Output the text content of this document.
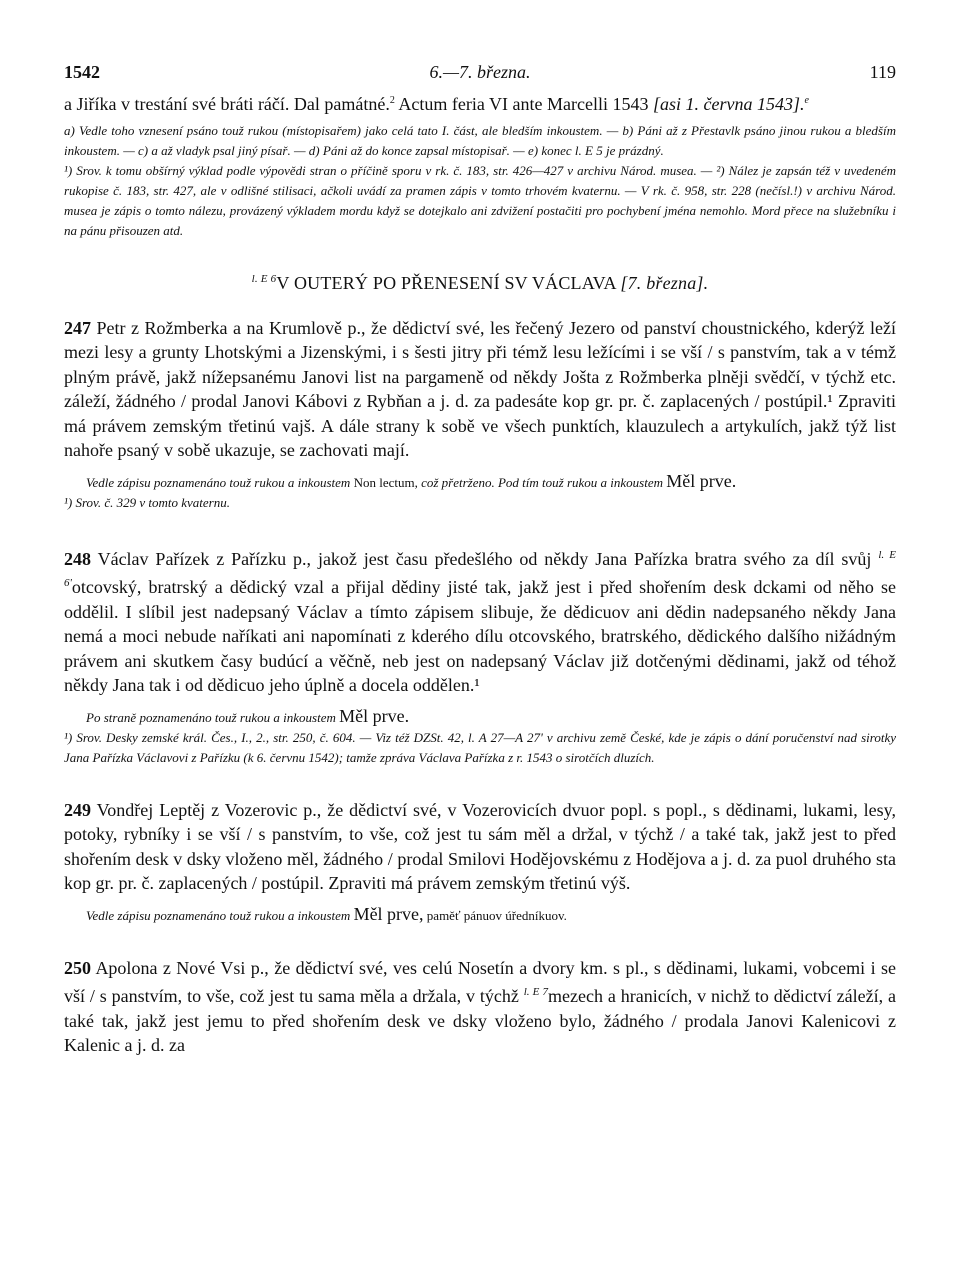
1542	6.—7. března.	119

a Jiříka v trestání své bráti ráčí. Dal památné.$^2$ Actum feria VI ante Marcelli 1543 [asi 1. června 1543].$^e$

a) Vedle toho vznesení psáno touž rukou (místopisařem) jako celá tato I. část, ale bledším inkoustem. — b) Páni až z Přestavlk psáno jinou rukou a bledším inkoustem. — c) a až vladyk psal jiný písař. — d) Páni až do konce zapsal místopisař. — e) konec l. E 5 je prázdný.

¹) Srov. k tomu obšírný výklad podle výpovědi stran o příčině sporu v rk. č. 183, str. 426—427 v archivu Národ. musea. — ²) Nález je zapsán též v uvedeném rukopise č. 183, str. 427, ale v odlišné stilisaci, ačkoli uvádí za pramen zápis v tomto trhovém kvaternu. — V rk. č. 958, str. 228 (nečísl.!) v archivu Národ. musea je zápis o tomto nálezu, provázený výkladem mordu když se dotejkalo ani zdvižení postačiti pro pochybení jména nemohlo. Mord přece na služebníku i na pánu přisouzen atd.

$^{l. E 6}$V OUTERÝ PO PŘENESENÍ SV VÁCLAVA [7. března].

247 Petr z Rožmberka a na Krumlově p., že dědictví své, les řečený Jezero od panství choustnického, kderýž leží mezi lesy a grunty Lhotskými a Jizenskými, i s šesti jitry při témž lesu ležícími i se vší / s panstvím, tak a v témž plným právě, jakž nížepsanému Janovi list na pargameně od někdy Jošta z Rožmberka plněji svědčí, v týchž etc. záleží, žádného / prodal Janovi Kábovi z Rybňan a j. d. za padesáte kop gr. pr. č. zaplacených / postúpil.¹ Zpraviti má právem zemským třetinú vajš. A dále strany k sobě ve všech punktích, klauzulech a artykulích, jakž týž list nahoře psaný v sobě ukazuje, se zachovati mají.

Vedle zápisu poznamenáno touž rukou a inkoustem Non lectum, což přetrženo. Pod tím touž rukou a inkoustem Měl prve.

¹) Srov. č. 329 v tomto kvaternu.

248 Václav Pařízek z Pařízku p., jakož jest času předešlého od někdy Jana Pařízka bratra svého za díl svůj $^{l. E 6'}$otcovský, bratrský a dědický vzal a přijal dědiny jisté tak, jakž jest i před shořením desk dckami od něho se oddělil. I slíbil jest nadepsaný Václav a tímto zápisem slibuje, že dědicuov ani dědin nadepsaného někdy Jana nemá a moci nebude naříkati ani napomínati z kderého dílu otcovského, bratrského, dědického dalšího nižádným právem ani skutkem časy budúcí a věčně, neb jest on nadepsaný Václav již dotčenými dědinami, jakž od téhož někdy Jana tak i od dědicuo jeho úplně a docela oddělen.¹

Po straně poznamenáno touž rukou a inkoustem Měl prve.

¹) Srov. Desky zemské král. Čes., I., 2., str. 250, č. 604. — Viz též DZSt. 42, l. A 27—A 27' v archivu země České, kde je zápis o dání poručenství nad sirotky Jana Pařízka Václavovi z Pařízku (k 6. červnu 1542); tamže zpráva Václava Pařízka z r. 1543 o sirotčích dluzích.

249 Vondřej Leptěj z Vozerovic p., že dědictví své, v Vozerovicích dvuor popl. s popl., s dědinami, lukami, lesy, potoky, rybníky i se vší / s panstvím, to vše, což jest tu sám měl a držal, v týchž / a také tak, jakž jest to před shořením desk v dsky vloženo měl, žádného / prodal Smilovi Hodějovskému z Hodějova a j. d. za puol druhého sta kop gr. pr. č. zaplacených / postúpil. Zpraviti má právem zemským třetinú výš.

Vedle zápisu poznamenáno touž rukou a inkoustem Měl prve, paměť pánuov úředníkuov.

250 Apolona z Nové Vsi p., že dědictví své, ves celú Nosetín a dvory km. s pl., s dědinami, lukami, vobcemi i se vší / s panstvím, to vše, což jest tu sama měla a držala, v týchž $^{l. E 7}$mezech a hranicích, v nichž to dědictví záleží, a také tak, jakž jest jemu to před shořením desk ve dsky vloženo bylo, žádného / prodala Janovi Kalenicovi z Kalenic a j. d. za
